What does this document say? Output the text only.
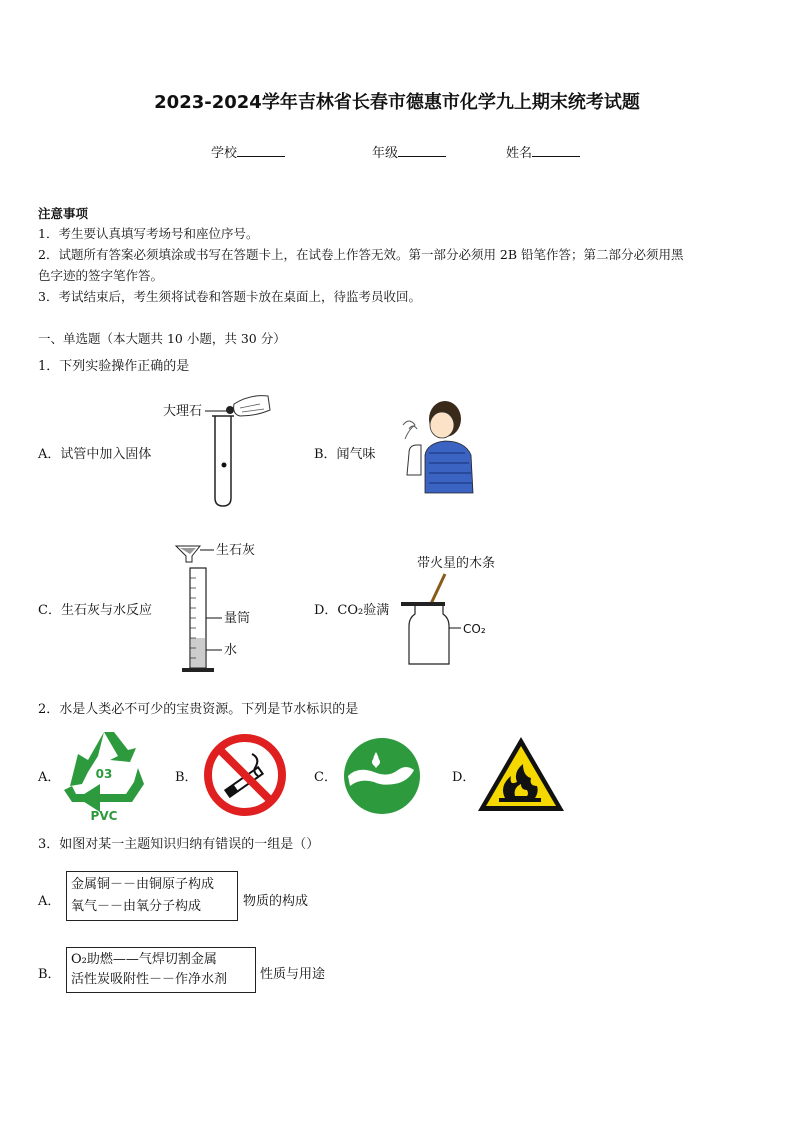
2023-2024学年吉林省长春市德惠市化学九上期末统考试题
学校	年级	姓名
注意事项
1．考生要认真填写考场号和座位序号。
2．试题所有答案必须填涂或书写在答题卡上，在试卷上作答无效。第一部分必须用 2B 铅笔作答；第二部分必须用黑
色字迹的签字笔作答。
3．考试结束后，考生须将试卷和答题卡放在桌面上，待监考员收回。
一、单选题（本大题共 10 小题，共 30 分）
1．下列实验操作正确的是
A．试管中加入固体
大理石
B．闻气味
C．生石灰与水反应
生石灰
量筒
水
D．CO₂验满
带火星的木条
CO₂
2．水是人类必不可少的宝贵资源。下列是节水标识的是
A．	03
PVC
B．	C．	D．
3．如图对某一主题知识归纳有错误的一组是（）
A．
金属铜－－由铜原子构成
氧气－－由氧分子构成	物质的构成
B．
O₂助燃——气焊切割金属
活性炭吸附性－－作净水剂	性质与用途
